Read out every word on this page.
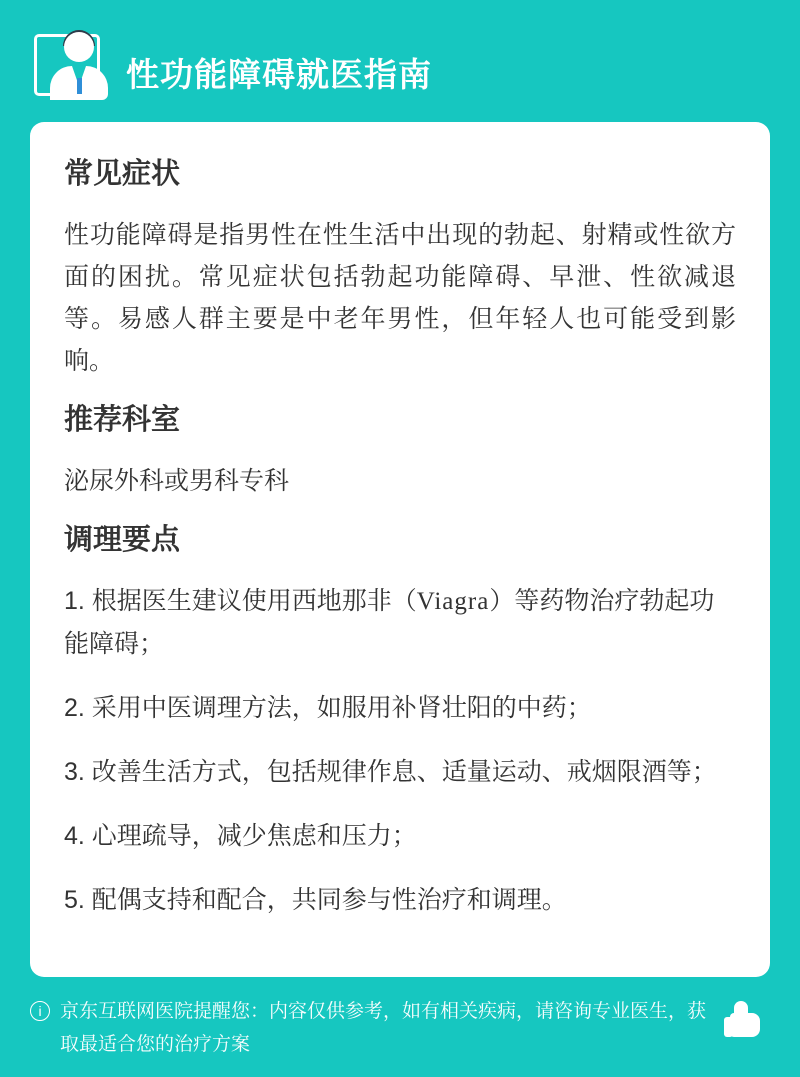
性功能障碍就医指南
常见症状

性功能障碍是指男性在性生活中出现的勃起、射精或性欲方面的困扰。常见症状包括勃起功能障碍、早泄、性欲减退等。易感人群主要是中老年男性，但年轻人也可能受到影响。

推荐科室

泌尿外科或男科专科

调理要点
1. 根据医生建议使用西地那非（Viagra）等药物治疗勃起功能障碍；
2. 采用中医调理方法，如服用补肾壮阳的中药；
3. 改善生活方式，包括规律作息、适量运动、戒烟限酒等；
4. 心理疏导，减少焦虑和压力；
5. 配偶支持和配合，共同参与性治疗和调理。
i 京东互联网医院提醒您：内容仅供参考，如有相关疾病，请咨询专业医生，获取最适合您的治疗方案
